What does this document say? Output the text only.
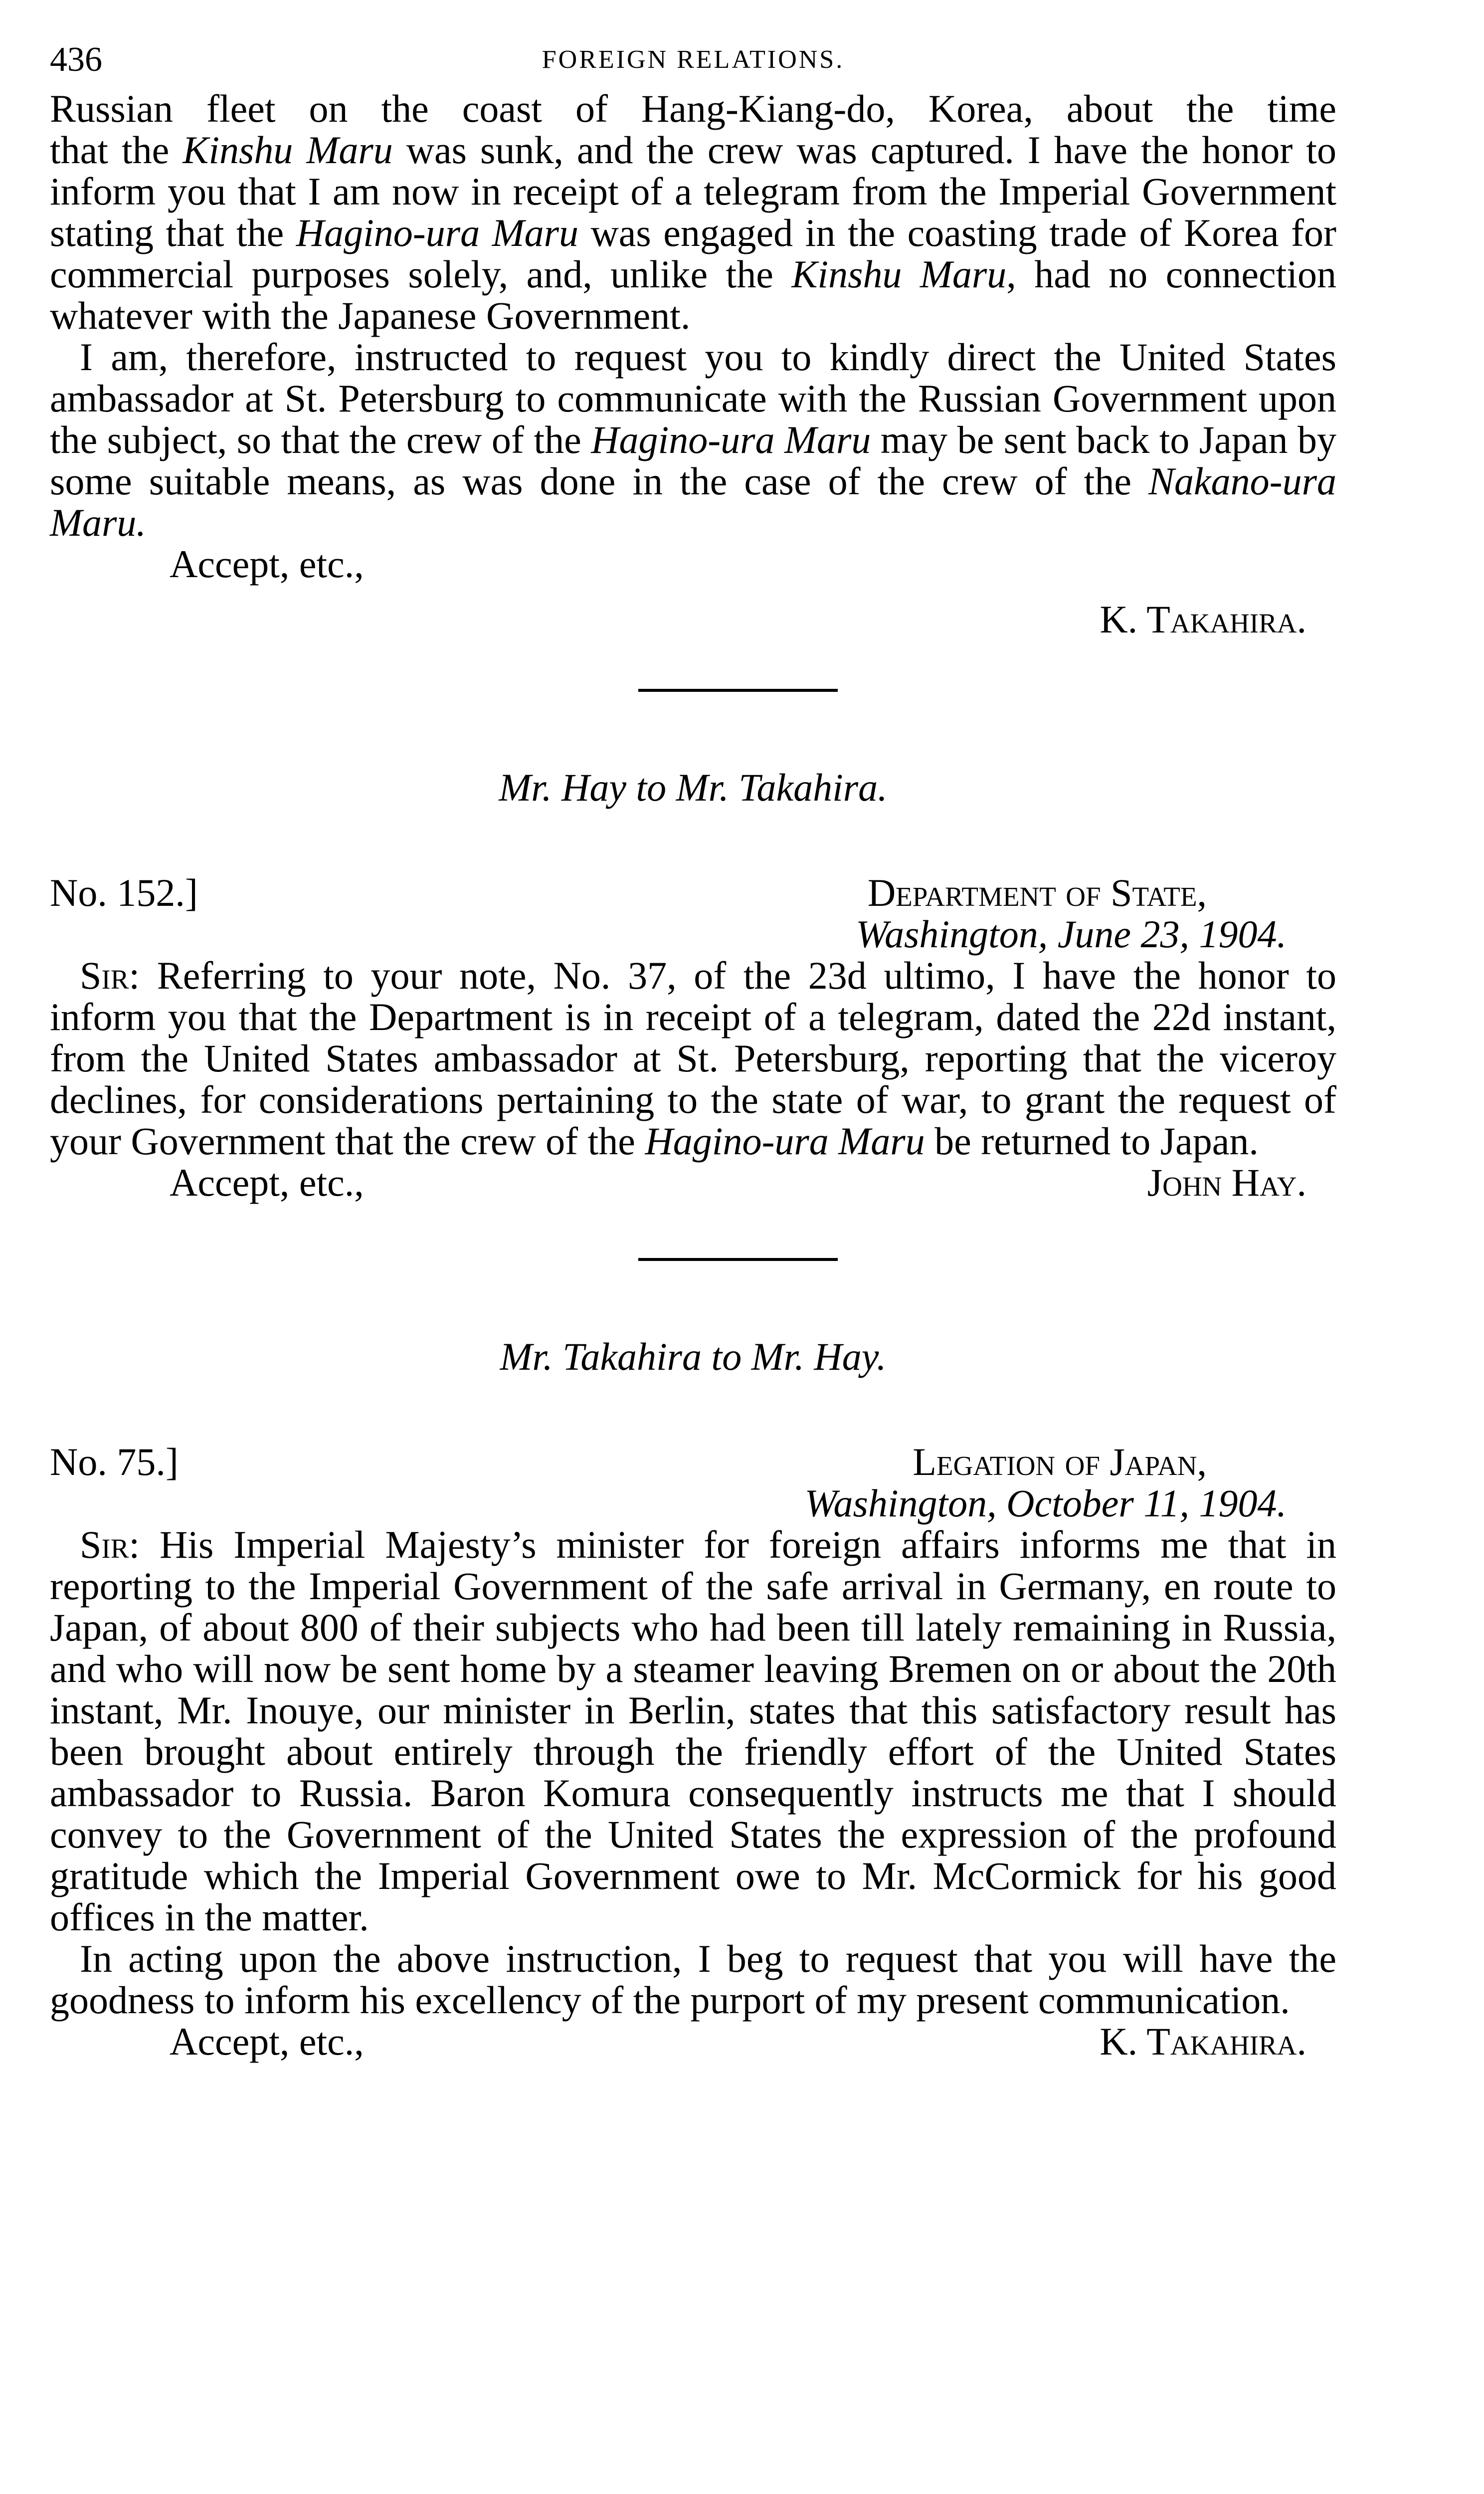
436	FOREIGN RELATIONS.

Russian fleet on the coast of Hang-Kiang-do, Korea, about the time

that the Kinshu Maru was sunk, and the crew was captured. I have the honor to inform you that I am now in receipt of a telegram from the Imperial Government stating that the Hagino-ura Maru was engaged in the coasting trade of Korea for commercial purposes solely, and, unlike the Kinshu Maru, had no connection whatever with the Japanese Government.

I am, therefore, instructed to request you to kindly direct the United States ambassador at St. Petersburg to communicate with the Russian Government upon the subject, so that the crew of the Hagino-ura Maru may be sent back to Japan by some suitable means, as was done in the case of the crew of the Nakano-ura Maru.

Accept, etc.,
K. Takahira.
Mr. Hay to Mr. Takahira.
No. 152.]	Department of State,
Washington, June 23, 1904.

Sir: Referring to your note, No. 37, of the 23d ultimo, I have the honor to inform you that the Department is in receipt of a telegram, dated the 22d instant, from the United States ambassador at St. Petersburg, reporting that the viceroy declines, for considerations pertaining to the state of war, to grant the request of your Government that the crew of the Hagino-ura Maru be returned to Japan.

Accept, etc.,	John Hay.
Mr. Takahira to Mr. Hay.
No. 75.]	Legation of Japan,
Washington, October 11, 1904.

Sir: His Imperial Majesty’s minister for foreign affairs informs me that in reporting to the Imperial Government of the safe arrival in Germany, en route to Japan, of about 800 of their subjects who had been till lately remaining in Russia, and who will now be sent home by a steamer leaving Bremen on or about the 20th instant, Mr. Inouye, our minister in Berlin, states that this satisfactory result has been brought about entirely through the friendly effort of the United States ambassador to Russia. Baron Komura consequently instructs me that I should convey to the Government of the United States the expression of the profound gratitude which the Imperial Government owe to Mr. McCormick for his good offices in the matter.

In acting upon the above instruction, I beg to request that you will have the goodness to inform his excellency of the purport of my present communication.

Accept, etc.,	K. Takahira.
